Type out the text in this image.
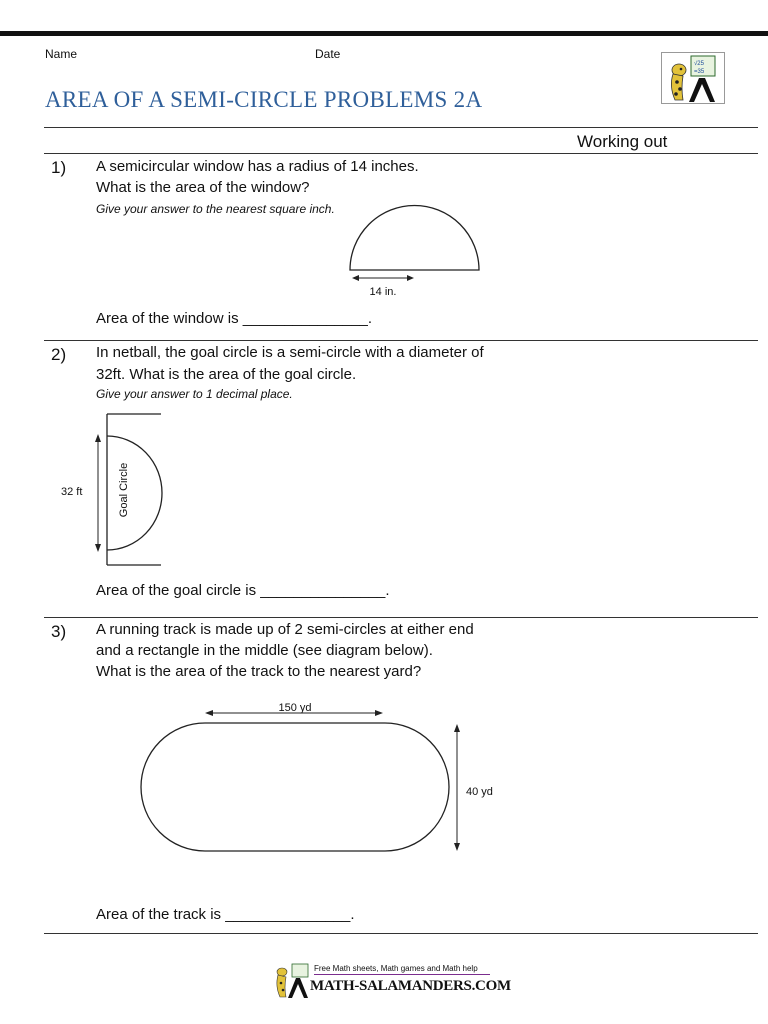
Name	Date
AREA OF A SEMI-CIRCLE PROBLEMS 2A
√25
=35
Working out
1) A semicircular window has a radius of 14 inches.
What is the area of the window?
Give your answer to the nearest square inch.
14 in.
Area of the window is _______________.
2) In netball, the goal circle is a semi-circle with a diameter of
32ft. What is the area of the goal circle.
Give your answer to 1 decimal place.
32 ft	Goal Circle
Area of the goal circle is _______________.
3) A running track is made up of 2 semi-circles at either end
and a rectangle in the middle (see diagram below).
What is the area of the track to the nearest yard?
150 yd
40 yd
Area of the track is _______________.
Free Math sheets, Math games and Math help
MATH-SALAMANDERS.COM
